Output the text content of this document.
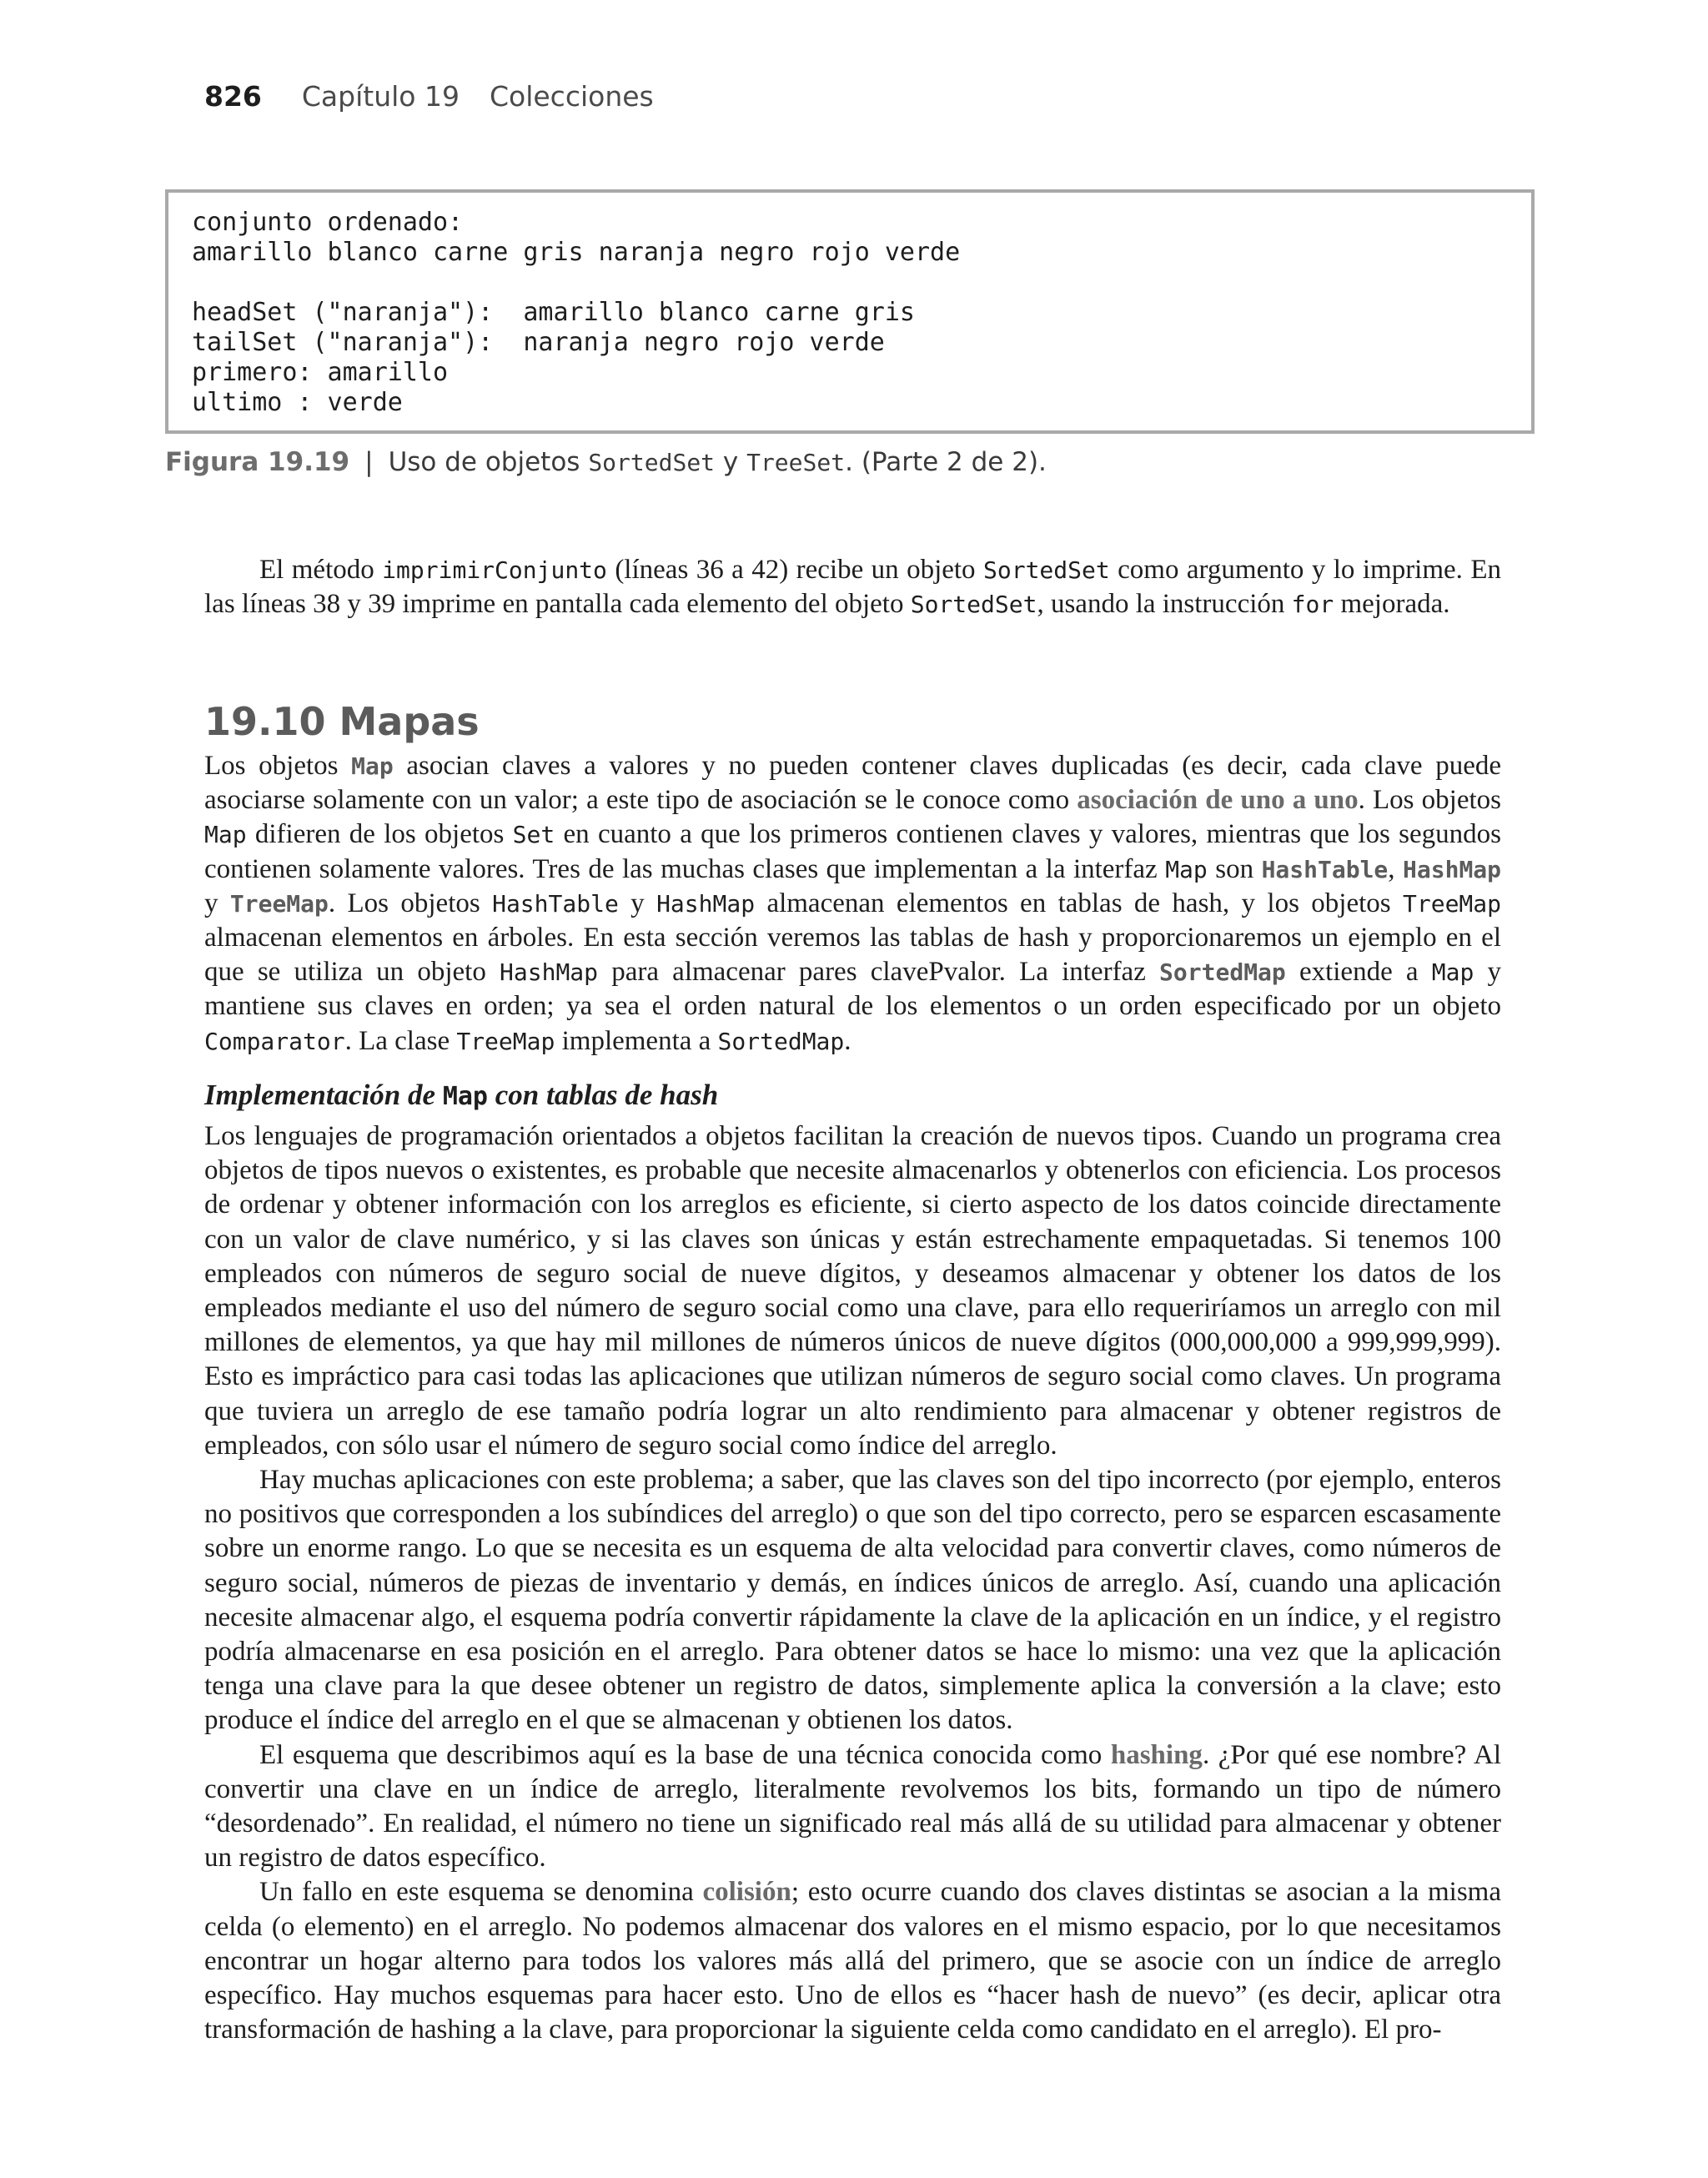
826 Capítulo 19 Colecciones
conjunto ordenado:
amarillo blanco carne gris naranja negro rojo verde
headSet ("naranja"):  amarillo blanco carne gris
tailSet ("naranja"):  naranja negro rojo verde
primero: amarillo
ultimo : verde
Figura 19.19 | Uso de objetos SortedSet y TreeSet. (Parte 2 de 2).

El método imprimirConjunto (líneas 36 a 42) recibe un objeto SortedSet como argumento y lo imprime. En las líneas 38 y 39 imprime en pantalla cada elemento del objeto SortedSet, usando la instrucción for mejorada.

19.10 Mapas

Los objetos Map asocian claves a valores y no pueden contener claves duplicadas (es decir, cada clave puede asociarse solamente con un valor; a este tipo de asociación se le conoce como asociación de uno a uno. Los objetos Map difieren de los objetos Set en cuanto a que los primeros contienen claves y valores, mientras que los segundos contienen solamente valores. Tres de las muchas clases que implementan a la interfaz Map son HashTable, HashMap y TreeMap. Los objetos HashTable y HashMap almacenan elementos en tablas de hash, y los objetos TreeMap almacenan elementos en árboles. En esta sección veremos las tablas de hash y proporcionaremos un ejemplo en el que se utiliza un objeto HashMap para almacenar pares clavePvalor. La interfaz SortedMap extiende a Map y mantiene sus claves en orden; ya sea el orden natural de los elementos o un orden especificado por un objeto Comparator. La clase TreeMap implementa a SortedMap.

Implementación de Map con tablas de hash

Los lenguajes de programación orientados a objetos facilitan la creación de nuevos tipos. Cuando un programa crea objetos de tipos nuevos o existentes, es probable que necesite almacenarlos y obtenerlos con eficiencia. Los procesos de ordenar y obtener información con los arreglos es eficiente, si cierto aspecto de los datos coincide directamente con un valor de clave numérico, y si las claves son únicas y están estrechamente empaquetadas. Si tenemos 100 empleados con números de seguro social de nueve dígitos, y deseamos almacenar y obtener los datos de los empleados mediante el uso del número de seguro social como una clave, para ello requeriríamos un arreglo con mil millones de elementos, ya que hay mil millones de números únicos de nueve dígitos (000,000,000 a 999,999,999). Esto es impráctico para casi todas las aplicaciones que utilizan números de seguro social como claves. Un programa que tuviera un arreglo de ese tamaño podría lograr un alto rendimiento para almacenar y obtener registros de empleados, con sólo usar el número de seguro social como índice del arreglo.

Hay muchas aplicaciones con este problema; a saber, que las claves son del tipo incorrecto (por ejemplo, enteros no positivos que corresponden a los subíndices del arreglo) o que son del tipo correcto, pero se esparcen escasamente sobre un enorme rango. Lo que se necesita es un esquema de alta velocidad para convertir claves, como números de seguro social, números de piezas de inventario y demás, en índices únicos de arreglo. Así, cuando una aplicación necesite almacenar algo, el esquema podría convertir rápidamente la clave de la aplicación en un índice, y el registro podría almacenarse en esa posición en el arreglo. Para obtener datos se hace lo mismo: una vez que la aplicación tenga una clave para la que desee obtener un registro de datos, simplemente aplica la conversión a la clave; esto produce el índice del arreglo en el que se almacenan y obtienen los datos.

El esquema que describimos aquí es la base de una técnica conocida como hashing. ¿Por qué ese nombre? Al convertir una clave en un índice de arreglo, literalmente revolvemos los bits, formando un tipo de número “desordenado”. En realidad, el número no tiene un significado real más allá de su utilidad para almacenar y obtener un registro de datos específico.

Un fallo en este esquema se denomina colisión; esto ocurre cuando dos claves distintas se asocian a la misma celda (o elemento) en el arreglo. No podemos almacenar dos valores en el mismo espacio, por lo que necesitamos encontrar un hogar alterno para todos los valores más allá del primero, que se asocie con un índice de arreglo específico. Hay muchos esquemas para hacer esto. Uno de ellos es “hacer hash de nuevo” (es decir, aplicar otra transformación de hashing a la clave, para proporcionar la siguiente celda como candidato en el arreglo). El pro-
